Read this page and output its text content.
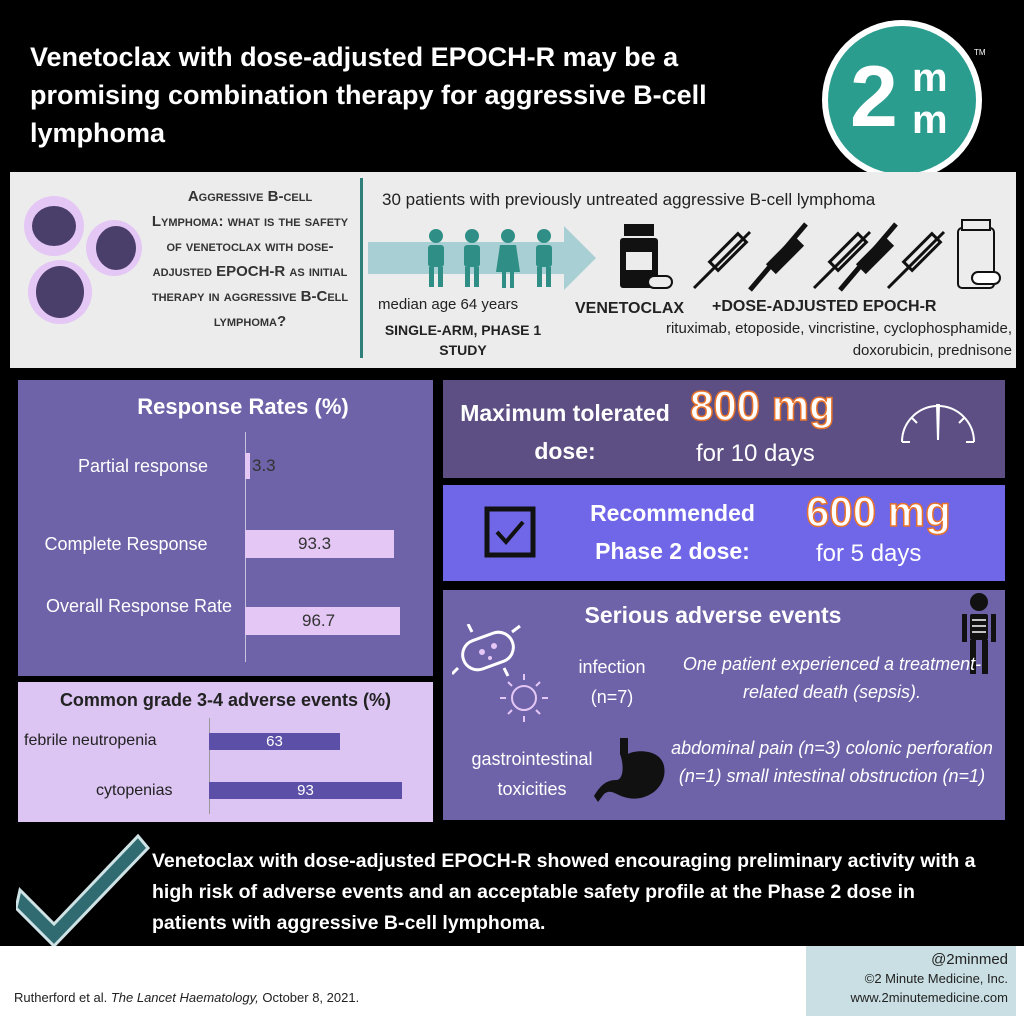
Venetoclax with dose-adjusted EPOCH-R may be a promising combination therapy for aggressive B-cell lymphoma	2 m
m
TM
Aggressive B-cell Lymphoma: what is the safety of venetoclax with dose-adjusted EPOCH-R as initial therapy in aggressive B-Cell lymphoma?
30 patients with previously untreated aggressive B-cell lymphoma
median age 64 years
SINGLE-ARM, PHASE 1 STUDY
VENETOCLAX +DOSE-ADJUSTED EPOCH-R
rituximab, etoposide, vincristine, cyclophosphamide, doxorubicin, prednisone
Response Rates (%)
Partial response
Complete Response
Overall Response Rate
3.3
93.3
96.7
Common grade 3-4 adverse events (%)
febrile neutropenia
cytopenias
63
93
Maximum tolerated dose:
800 mg
for 10 days
Recommended Phase 2 dose:
600 mg
for 5 days
Serious adverse events
infection (n=7)
One patient experienced a treatment-related death (sepsis).
gastrointestinal toxicities
abdominal pain (n=3) colonic perforation (n=1) small intestinal obstruction (n=1)
Venetoclax with dose-adjusted EPOCH-R showed encouraging preliminary activity with a high risk of adverse events and an acceptable safety profile at the Phase 2 dose in patients with aggressive B-cell lymphoma.
Rutherford et al. The Lancet Haematology, October 8, 2021.
@2minmed
©2 Minute Medicine, Inc.
www.2minutemedicine.com
